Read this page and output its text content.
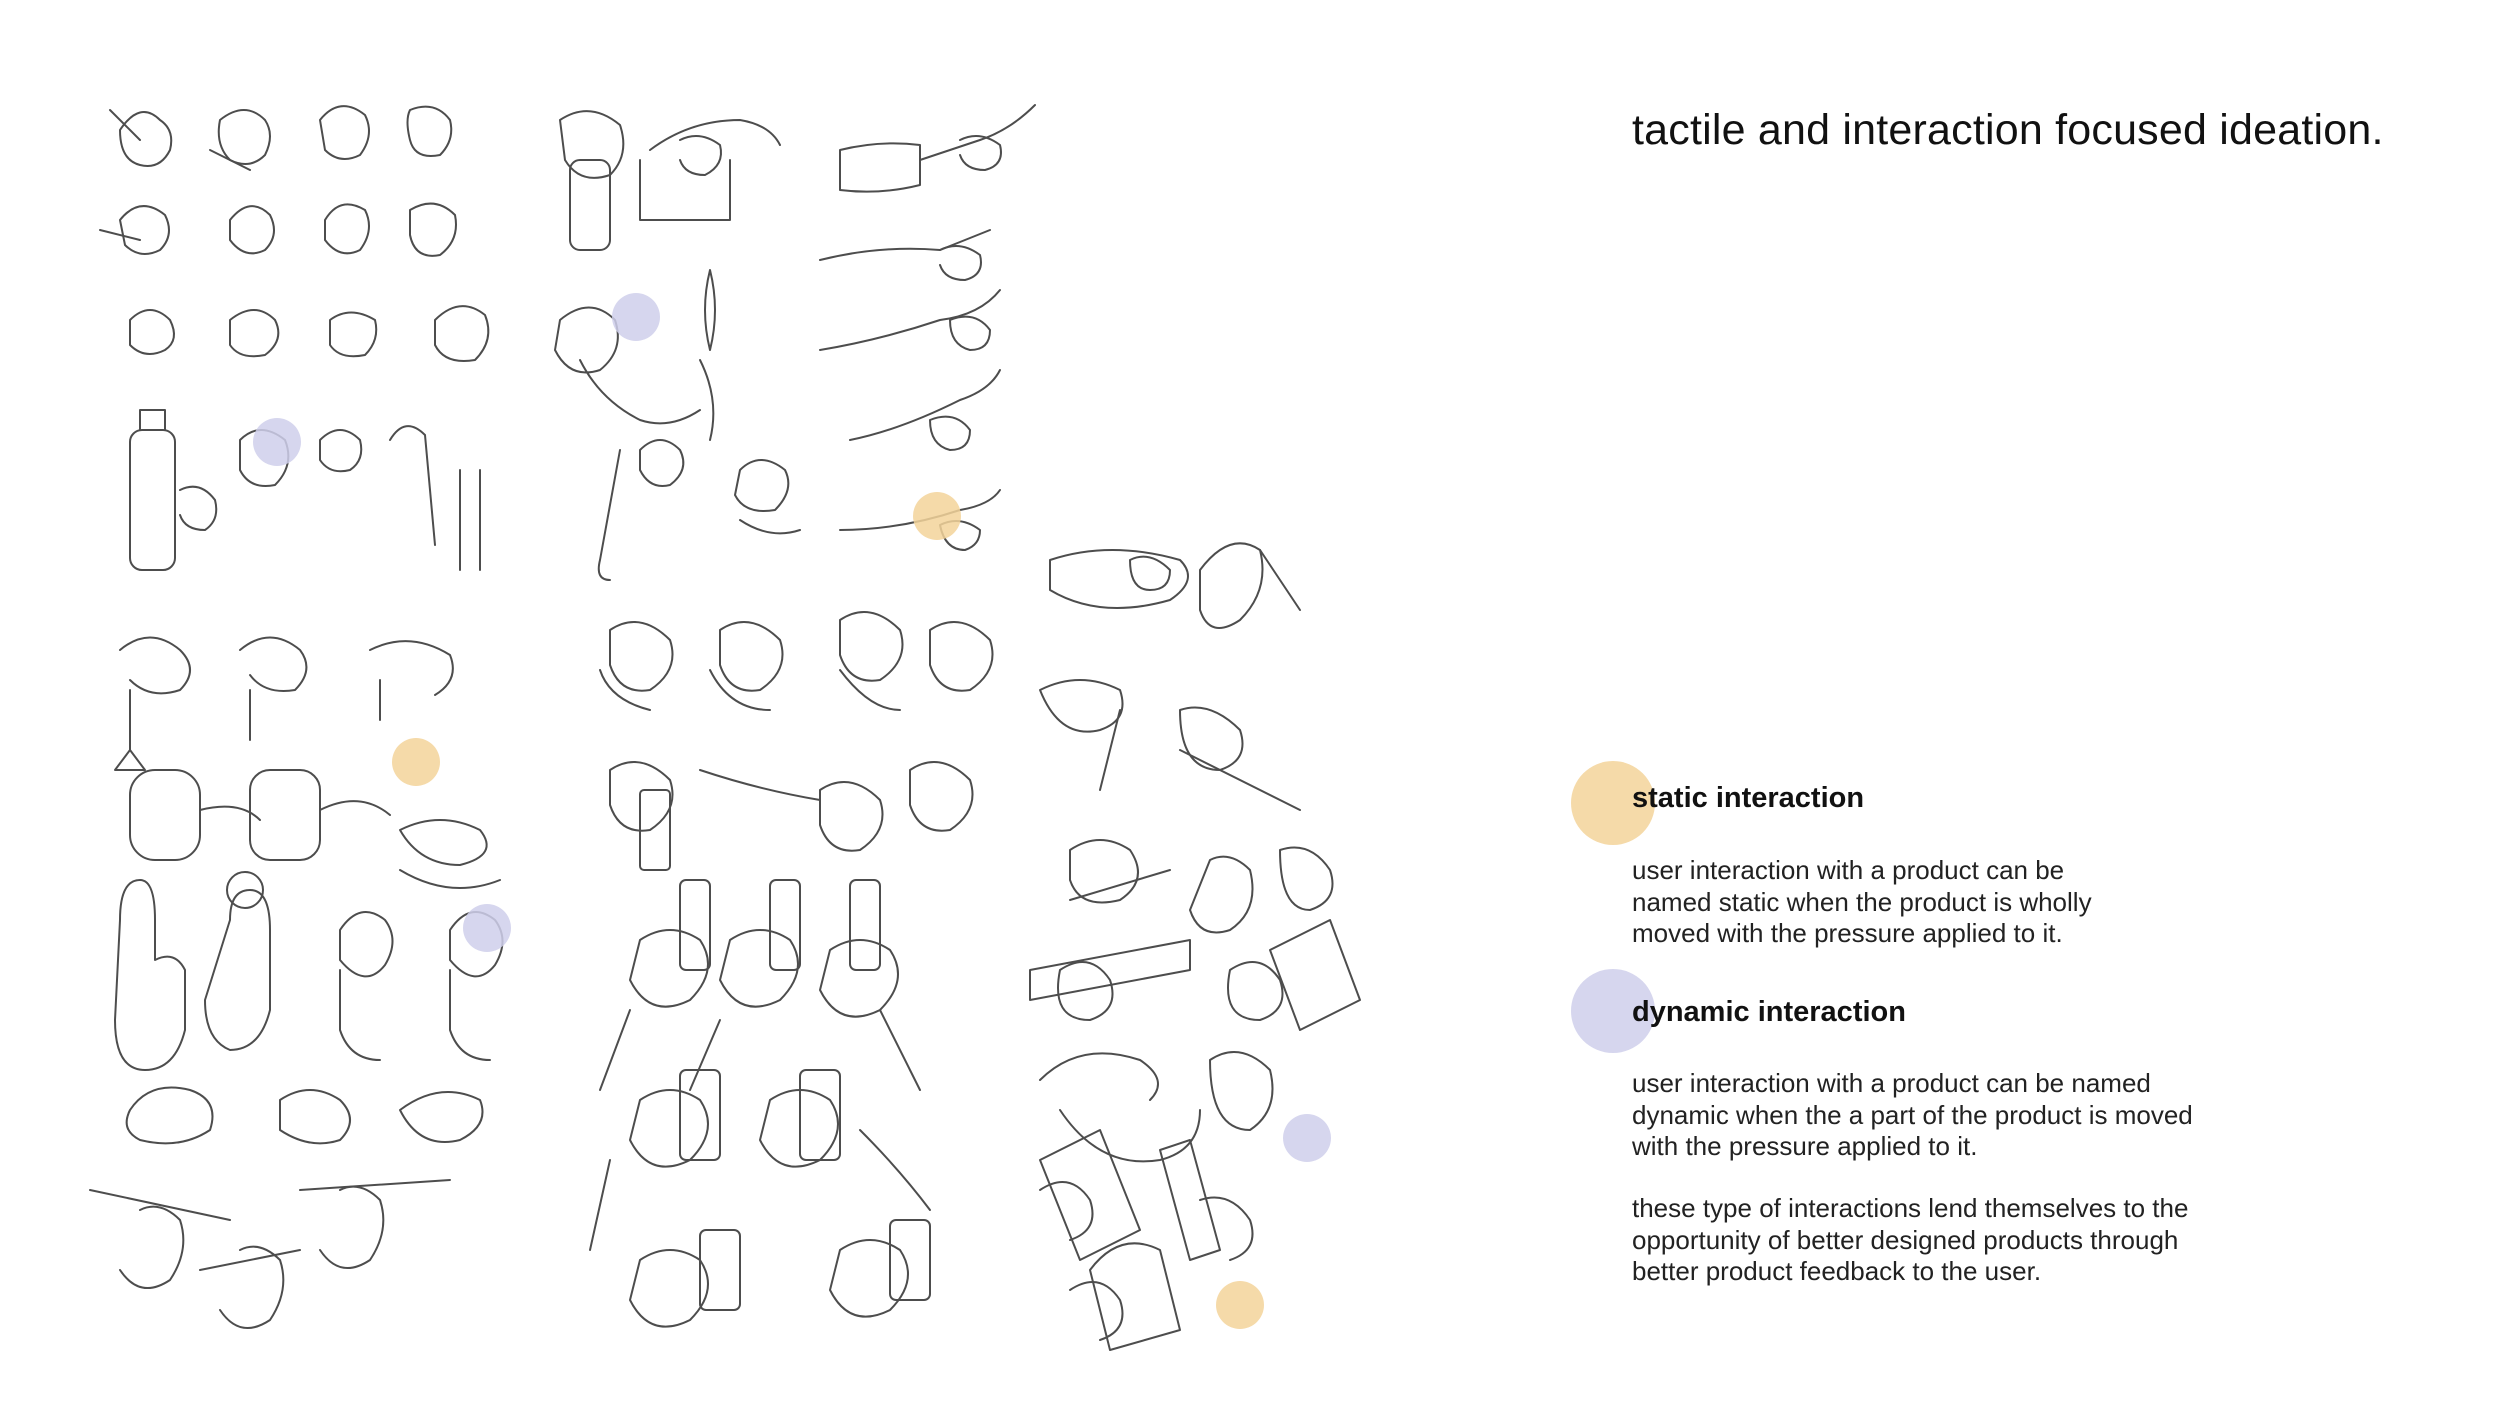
tactile and interaction focused ideation.
static interaction
user interaction with a product can be
named static when the product is wholly
moved with the pressure applied to it.
dynamic interaction
user interaction with a product can be named
dynamic when the a part of the product is moved
with the pressure applied to it.
these type of interactions lend themselves to the
opportunity of better designed products through
better product feedback to the user.
